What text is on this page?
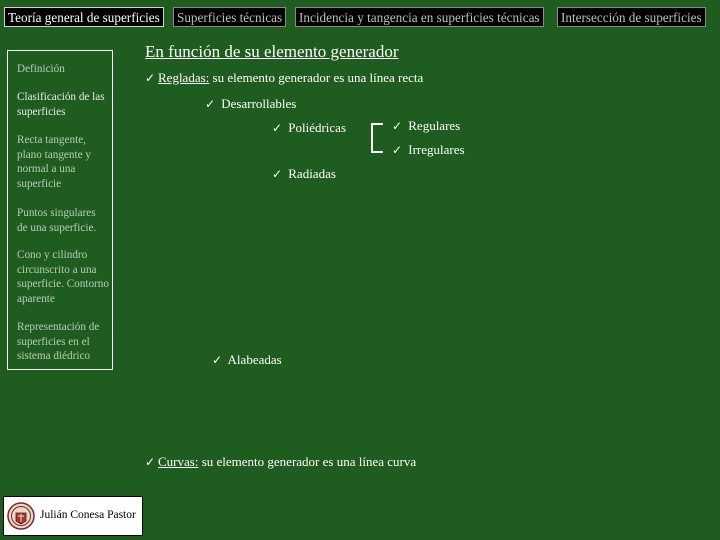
Teoría general de superficies	Superficies técnicas	Incidencia y tangencia en superficies técnicas	Intersección de superficies
Definición
Clasificación de las superficies
Recta tangente, plano tangente y normal a una superficie
Puntos singulares de una superficie.
Cono y cilindro circunscrito a una superficie. Contorno aparente
Representación de superficies en el sistema diédrico
En función de su elemento generador
✓ Regladas: su elemento generador es una línea recta
✓ Desarrollables
✓ Poliédricas	✓ Regulares
✓ Irregulares
✓ Radiadas
✓ Alabeadas
✓ Curvas: su elemento generador es una línea curva
Julián Conesa Pastor
